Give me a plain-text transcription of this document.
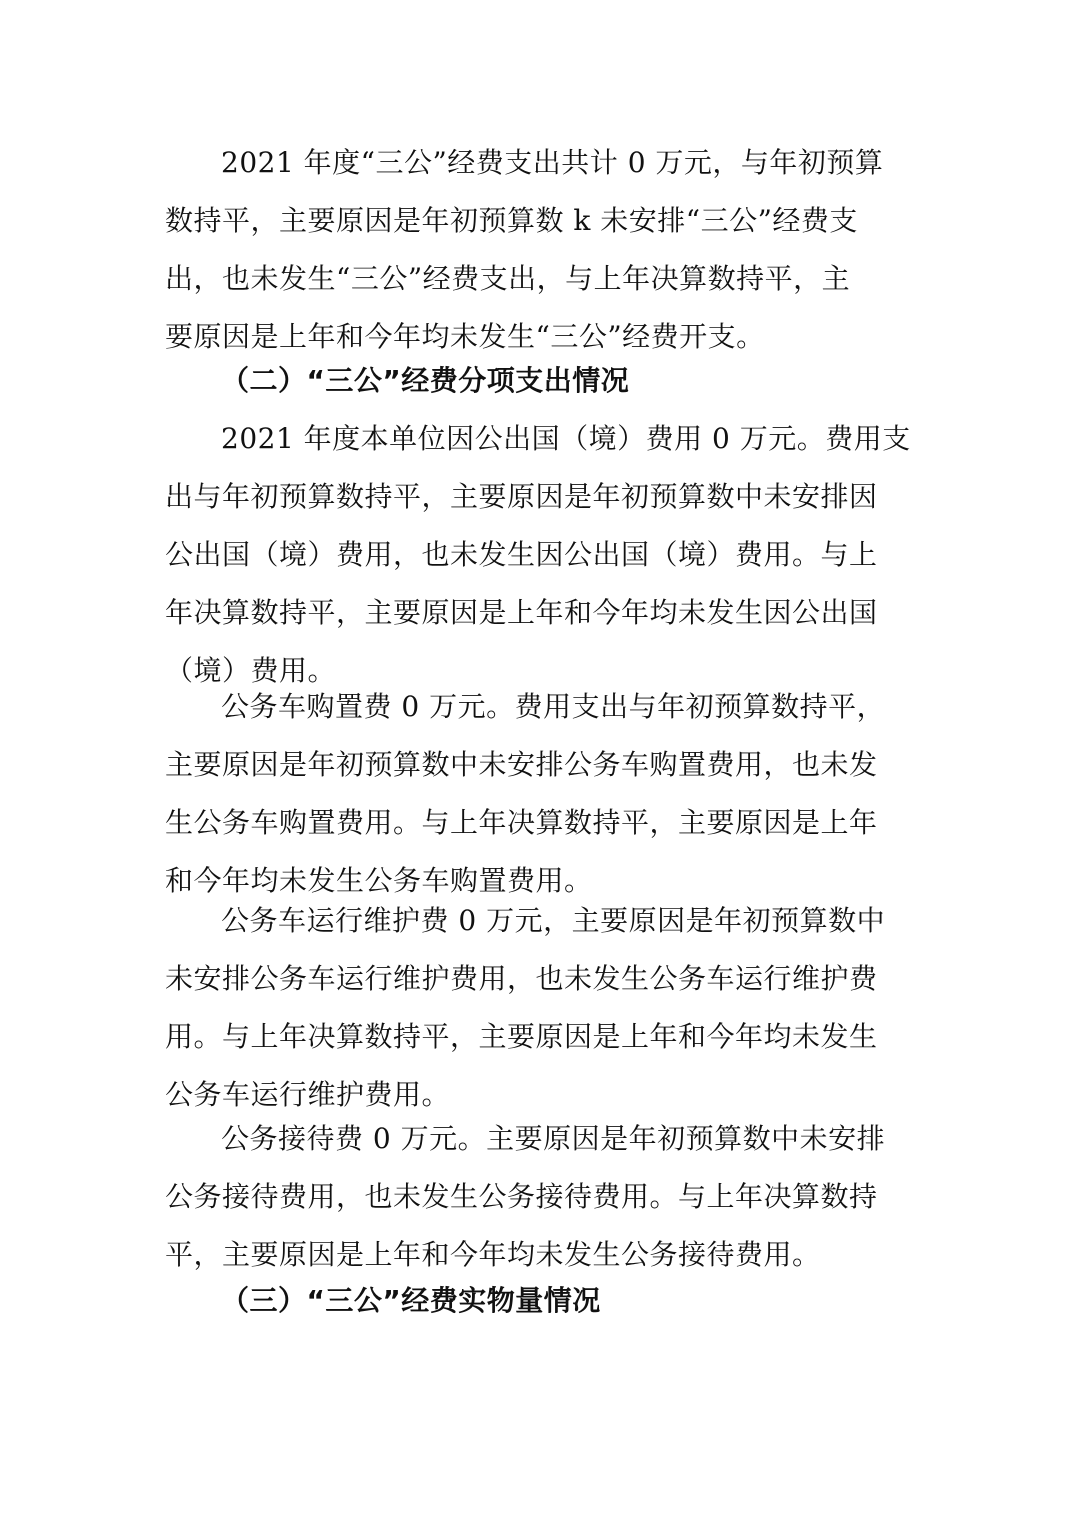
2021 年度“三公”经费支出共计 0 万元，与年初预算
数持平，主要原因是年初预算数 k 未安排“三公”经费支
出，也未发生“三公”经费支出，与上年决算数持平，主
要原因是上年和今年均未发生“三公”经费开支。
（二）“三公”经费分项支出情况
2021 年度本单位因公出国（境）费用 0 万元。费用支
出与年初预算数持平，主要原因是年初预算数中未安排因
公出国（境）费用，也未发生因公出国（境）费用。与上
年决算数持平，主要原因是上年和今年均未发生因公出国
（境）费用。
公务车购置费 0 万元。费用支出与年初预算数持平，
主要原因是年初预算数中未安排公务车购置费用，也未发
生公务车购置费用。与上年决算数持平，主要原因是上年
和今年均未发生公务车购置费用。
公务车运行维护费 0 万元，主要原因是年初预算数中
未安排公务车运行维护费用，也未发生公务车运行维护费
用。与上年决算数持平，主要原因是上年和今年均未发生
公务车运行维护费用。
公务接待费 0 万元。主要原因是年初预算数中未安排
公务接待费用，也未发生公务接待费用。与上年决算数持
平，主要原因是上年和今年均未发生公务接待费用。
（三）“三公”经费实物量情况
